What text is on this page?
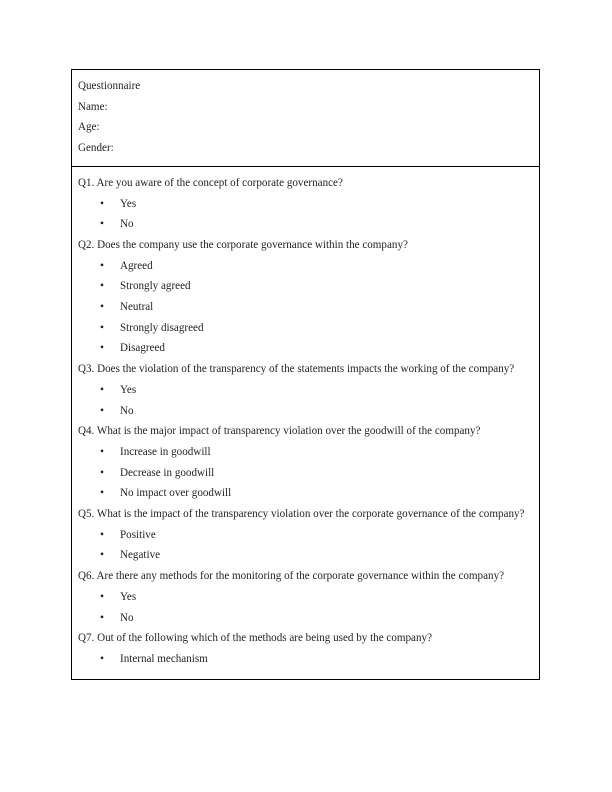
Questionnaire

Name:

Age:

Gender:

Q1. Are you aware of the concept of corporate governance?

• Yes
• No

Q2. Does the company use the corporate governance within the company?

• Agreed
• Strongly agreed
• Neutral
• Strongly disagreed
• Disagreed

Q3. Does the violation of the transparency of the statements impacts the working of the company?

• Yes
• No

Q4. What is the major impact of transparency violation over the goodwill of the company?

• Increase in goodwill
• Decrease in goodwill
• No impact over goodwill

Q5. What is the impact of the transparency violation over the corporate governance of the company?

• Positive
• Negative

Q6. Are there any methods for the monitoring of the corporate governance within the company?

• Yes
• No

Q7. Out of the following which of the methods are being used by the company?

• Internal mechanism
